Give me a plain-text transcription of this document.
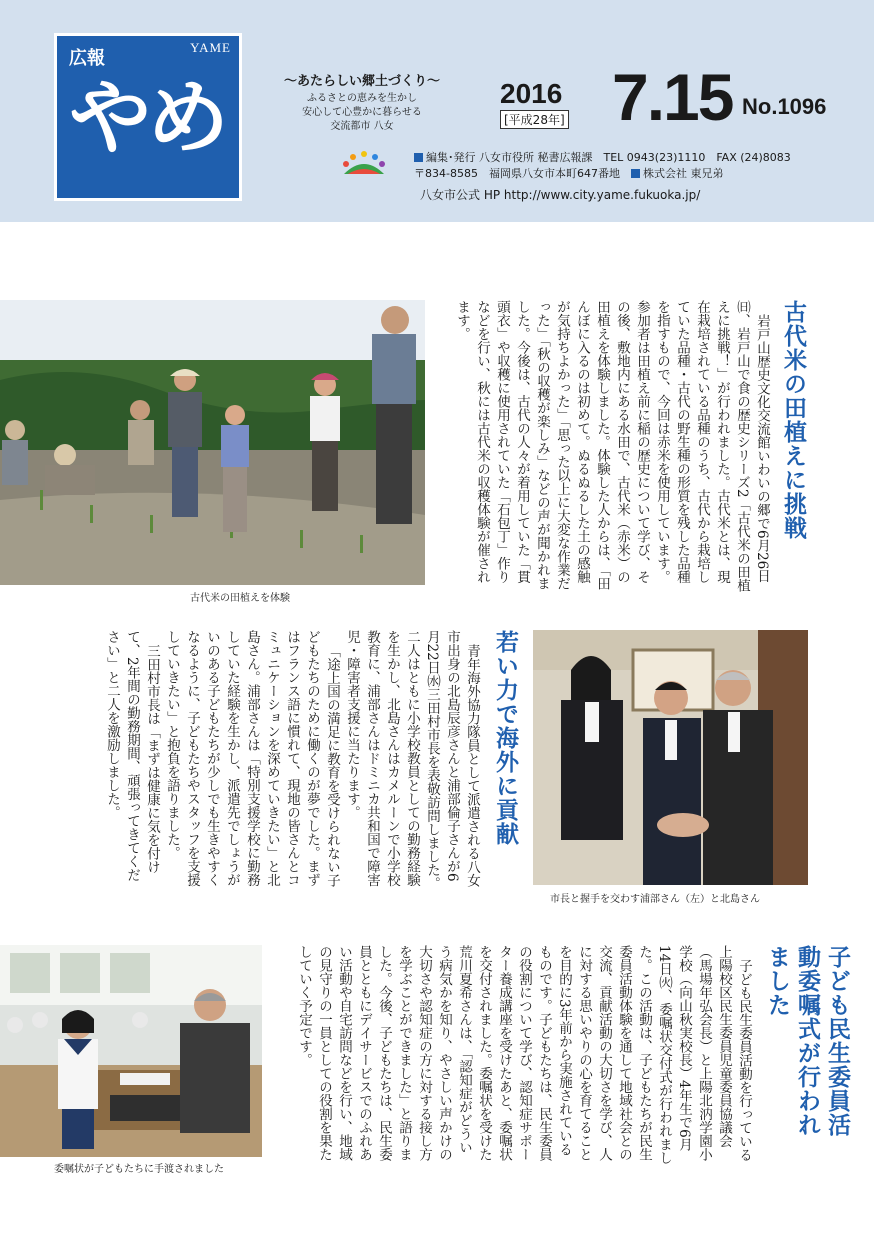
広報
YAME
やめ	～あたらしい郷土づくり～
ふるさとの恵みを生かし
安心して心豊かに暮らせる
交流都市 八女
2016
[平成28年] 7.15 No.1096
編集･発行 八女市役所 秘書広報課　TEL 0943(23)1110　FAX (24)8083
〒834-8585　福岡県八女市本町647番地　 株式会社 東兄弟
八女市公式 HP http://www.city.yame.fukuoka.jp/
古代米の田植えを体験
古代米の田植えに挑戦

岩戸山歴史文化交流館いわいの郷で6月26日㈰、岩戸山で食の歴史シリーズ2「古代米の田植えに挑戦！」が行われました。古代米とは、現在栽培されている品種のうち、古代から栽培していた品種・古代の野生種の形質を残した品種を指すもので、今回は赤米を使用しています。参加者は田植え前に稲の歴史について学び、その後、敷地内にある水田で、古代米（赤米）の田植えを体験しました。体験した人からは、「田んぼに入るのは初めて。ぬるぬるした土の感触が気持ちよかった」「思った以上に大変な作業だった」「秋の収穫が楽しみ」などの声が聞かれました。今後は、古代の人々が着用していた「貫頭衣」や収穫に使用されていた「石包丁」作りなどを行い、秋には古代米の収穫体験が催されます。

市長と握手を交わす浦部さん（左）と北島さん
若い力で海外に貢献

青年海外協力隊員として派遣される八女市出身の北島辰彦さんと浦部倫子さんが6月22日㈬三田村市長を表敬訪問しました。二人はともに小学校教員としての勤務経験を生かし、北島さんはカメルーンで小学校教育に、浦部さんはドミニカ共和国で障害児・障害者支援に当たります。

「途上国の満足に教育を受けられない子どもたちのために働くのが夢でした。まずはフランス語に慣れて、現地の皆さんとコミュニケーションを深めていきたい」と北島さん。浦部さんは「特別支援学校に勤務していた経験を生かし、派遣先でしょうがいのある子どもたちが少しでも生きやすくなるように、子どもたちやスタッフを支援していきたい」と抱負を語りました。

三田村市長は「まずは健康に気を付けて、2年間の勤務期間、頑張ってきてください」と二人を激励しました。

委嘱状が子どもたちに手渡されました
子ども民生委員活動委嘱式が行われました

子ども民生委員活動を行っている上陽校区民生委員児童委員協議会（馬場年弘会長）と上陽北汭学園小学校（向山秋実校長）4年生で6月14日㈫、委嘱状交付式が行われました。この活動は、子どもたちが民生委員活動体験を通して地域社会との交流、貢献活動の大切さを学び、人に対する思いやりの心を育てることを目的に3年前から実施されているものです。子どもたちは、民生委員の役割について学び、認知症サポーター養成講座を受けたあと、委嘱状を交付されました。委嘱状を受けた荒川夏希さんは、「認知症がどういう病気かを知り、やさしい声かけの大切さや認知症の方に対する接し方を学ぶことができました」と語りました。今後、子どもたちは、民生委員とともにデイサービスでのふれあい活動や自宅訪問などを行い、地域の見守りの一員としての役割を果たしていく予定です。
